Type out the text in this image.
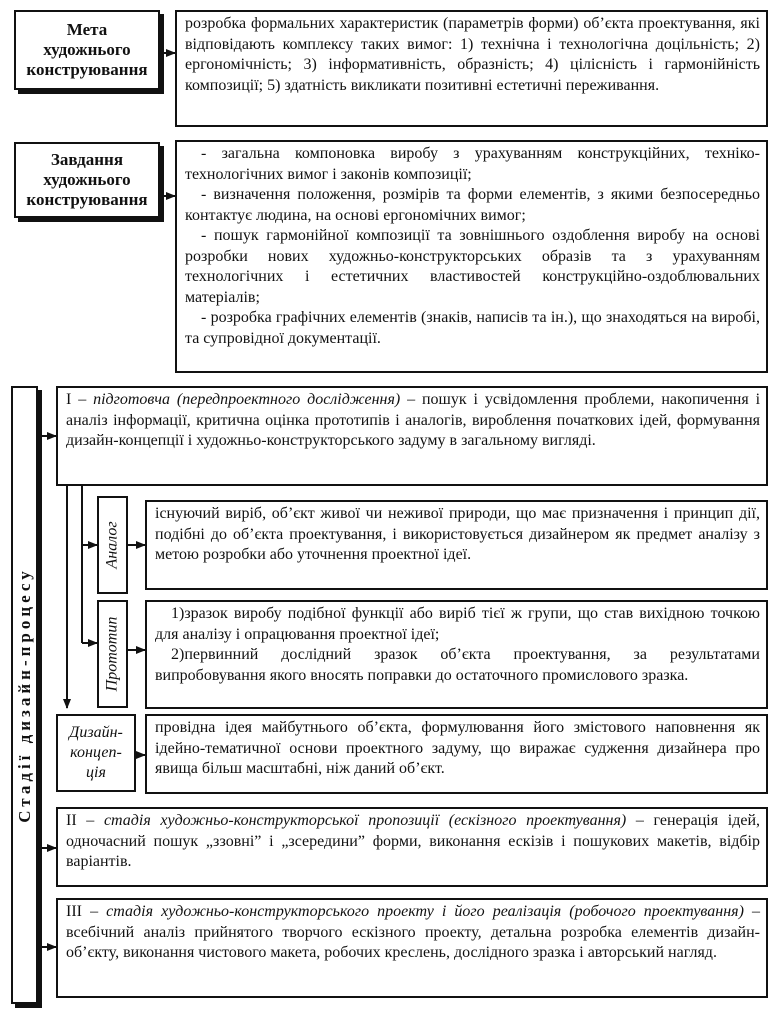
Мета
художнього
конструювання
розробка формальних характеристик (параметрів форми) об’єкта проектування, які відповідають комплексу таких вимог: 1) технічна і технологічна доцільність; 2) ергономічність; 3) інформативність, образність; 4) цілісність і гармонійність композиції; 5) здатність викликати позитивні естетичні переживання.
Завдання
художнього
конструювання

- загальна компоновка виробу з урахуванням конструкційних, техніко-технологічних вимог і законів композиції;

- визначення положення, розмірів та форми елементів, з якими безпосередньо контактує людина, на основі ергономічних вимог;

- пошук гармонійної композиції та зовнішнього оздоблення виробу на основі розробки нових художньо-конструкторських образів та з урахуванням технологічних і естетичних властивостей конструкційно-оздоблювальних матеріалів;

- розробка графічних елементів (знаків, написів та ін.), що знаходяться на виробі, та супровідної документації.

Стадії дизайн-процесу
І – підготовча (передпроектного дослідження) – пошук і усвідомлення проблеми, накопичення і аналіз інформації, критична оцінка прототипів і аналогів, вироблення початкових ідей, формування дизайн-концепції і художньо-конструкторського задуму в загальному вигляді.
Аналог
існуючий виріб, об’єкт живої чи неживої природи, що має призначення і принцип дії, подібні до об’єкта проектування, і використовується дизайнером як предмет аналізу з метою розробки або уточнення проектної ідеї.
Прототип

1)зразок виробу подібної функції або виріб тієї ж групи, що став вихідною точкою для аналізу і опрацювання проектної ідеї;

2)первинний дослідний зразок об’єкта проектування, за результатами випробовування якого вносять поправки до остаточного промислового зразка.

Дизайн-
концеп-
ція
провідна ідея майбутнього об’єкта, формулювання його змістового наповнення як ідейно-тематичної основи проектного задуму, що виражає судження дизайнера про явища більш масштабні, ніж даний об’єкт.
ІІ – стадія художньо-конструкторської пропозиції (ескізного проектування) – генерація ідей, одночасний пошук „ззовні” і „зсередини” форми, виконання ескізів і пошукових макетів, відбір варіантів.
ІІІ – стадія художньо-конструкторського проекту і його реалізація (робочого проектування) – всебічний аналіз прийнятого творчого ескізного проекту, детальна розробка елементів дизайн-об’єкту, виконання чистового макета, робочих креслень, дослідного зразка і авторський нагляд.
